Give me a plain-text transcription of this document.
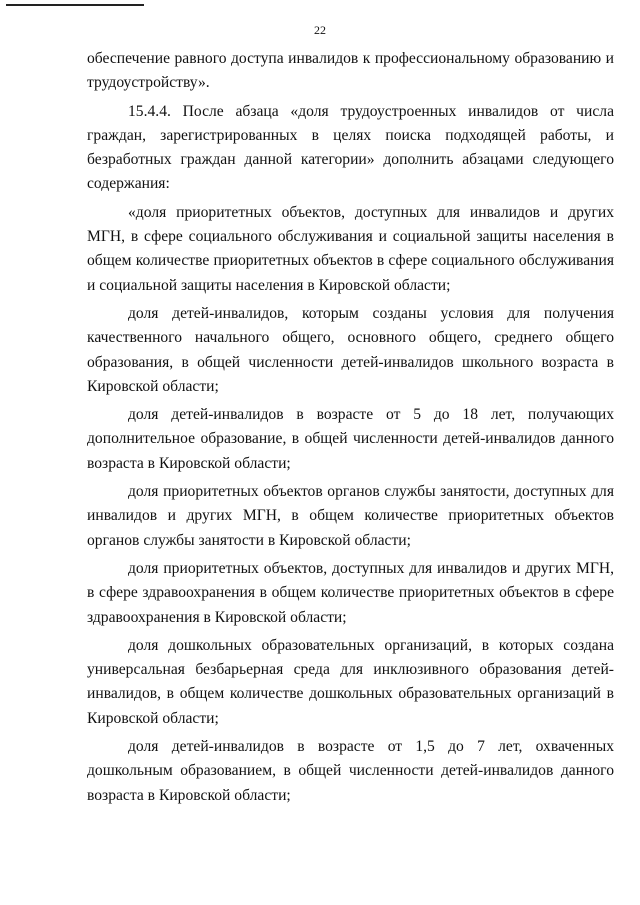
22

обеспечение равного доступа инвалидов к профессиональному образованию и трудоустройству».

15.4.4. После абзаца «доля трудоустроенных инвалидов от числа граждан, зарегистрированных в целях поиска подходящей работы, и безработных граждан данной категории» дополнить абзацами следующего содержания:

«доля приоритетных объектов, доступных для инвалидов и других МГН, в сфере социального обслуживания и социальной защиты населения в общем количестве приоритетных объектов в сфере социального обслуживания и социальной защиты населения в Кировской области;

доля детей-инвалидов, которым созданы условия для получения качественного начального общего, основного общего, среднего общего образования, в общей численности детей-инвалидов школьного возраста в Кировской области;

доля детей-инвалидов в возрасте от 5 до 18 лет, получающих дополнительное образование, в общей численности детей-инвалидов данного возраста в Кировской области;

доля приоритетных объектов органов службы занятости, доступных для инвалидов и других МГН, в общем количестве приоритетных объектов органов службы занятости в Кировской области;

доля приоритетных объектов, доступных для инвалидов и других МГН, в сфере здравоохранения в общем количестве приоритетных объектов в сфере здравоохранения в Кировской области;

доля дошкольных образовательных организаций, в которых создана универсальная безбарьерная среда для инклюзивного образования детей-инвалидов, в общем количестве дошкольных образовательных организаций в Кировской области;

доля детей-инвалидов в возрасте от 1,5 до 7 лет, охваченных дошкольным образованием, в общей численности детей-инвалидов данного возраста в Кировской области;
